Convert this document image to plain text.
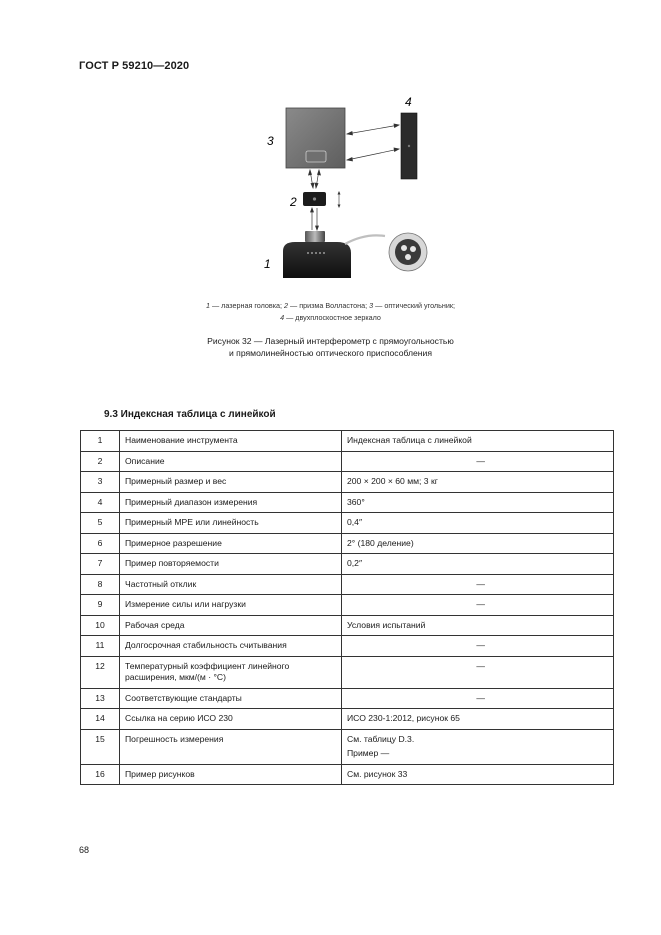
ГОСТ Р 59210—2020
3
4
2
1
1 — лазерная головка; 2 — призма Волластона; 3 — оптический угольник;
4 — двухплоскостное зеркало
Рисунок 32 — Лазерный интерферометр с прямоугольностью
и прямолинейностью оптического приспособления
9.3 Индексная таблица с линейкой
1	Наименование инструмента	Индексная таблица с линейкой

2	Описание	—

3	Примерный размер и вес	200 × 200 × 60 мм; 3 кг

4	Примерный диапазон измерения	360°

5	Примерный MPE или линейность	0,4″

6	Примерное разрешение	2° (180 деление)

7	Пример повторяемости	0,2″

8	Частотный отклик	—

9	Измерение силы или нагрузки	—

10	Рабочая среда	Условия испытаний

11	Долгосрочная стабильность считывания	—

12	Температурный коэффициент линейного расширения, мкм/(м · °С)	—

13	Соответствующие стандарты	—

14	Ссылка на серию ИСО 230	ИСО 230-1:2012, рисунок 65

15	Погрешность измерения	См. таблицу D.3.
Пример —

16	Пример рисунков	См. рисунок 33
68
